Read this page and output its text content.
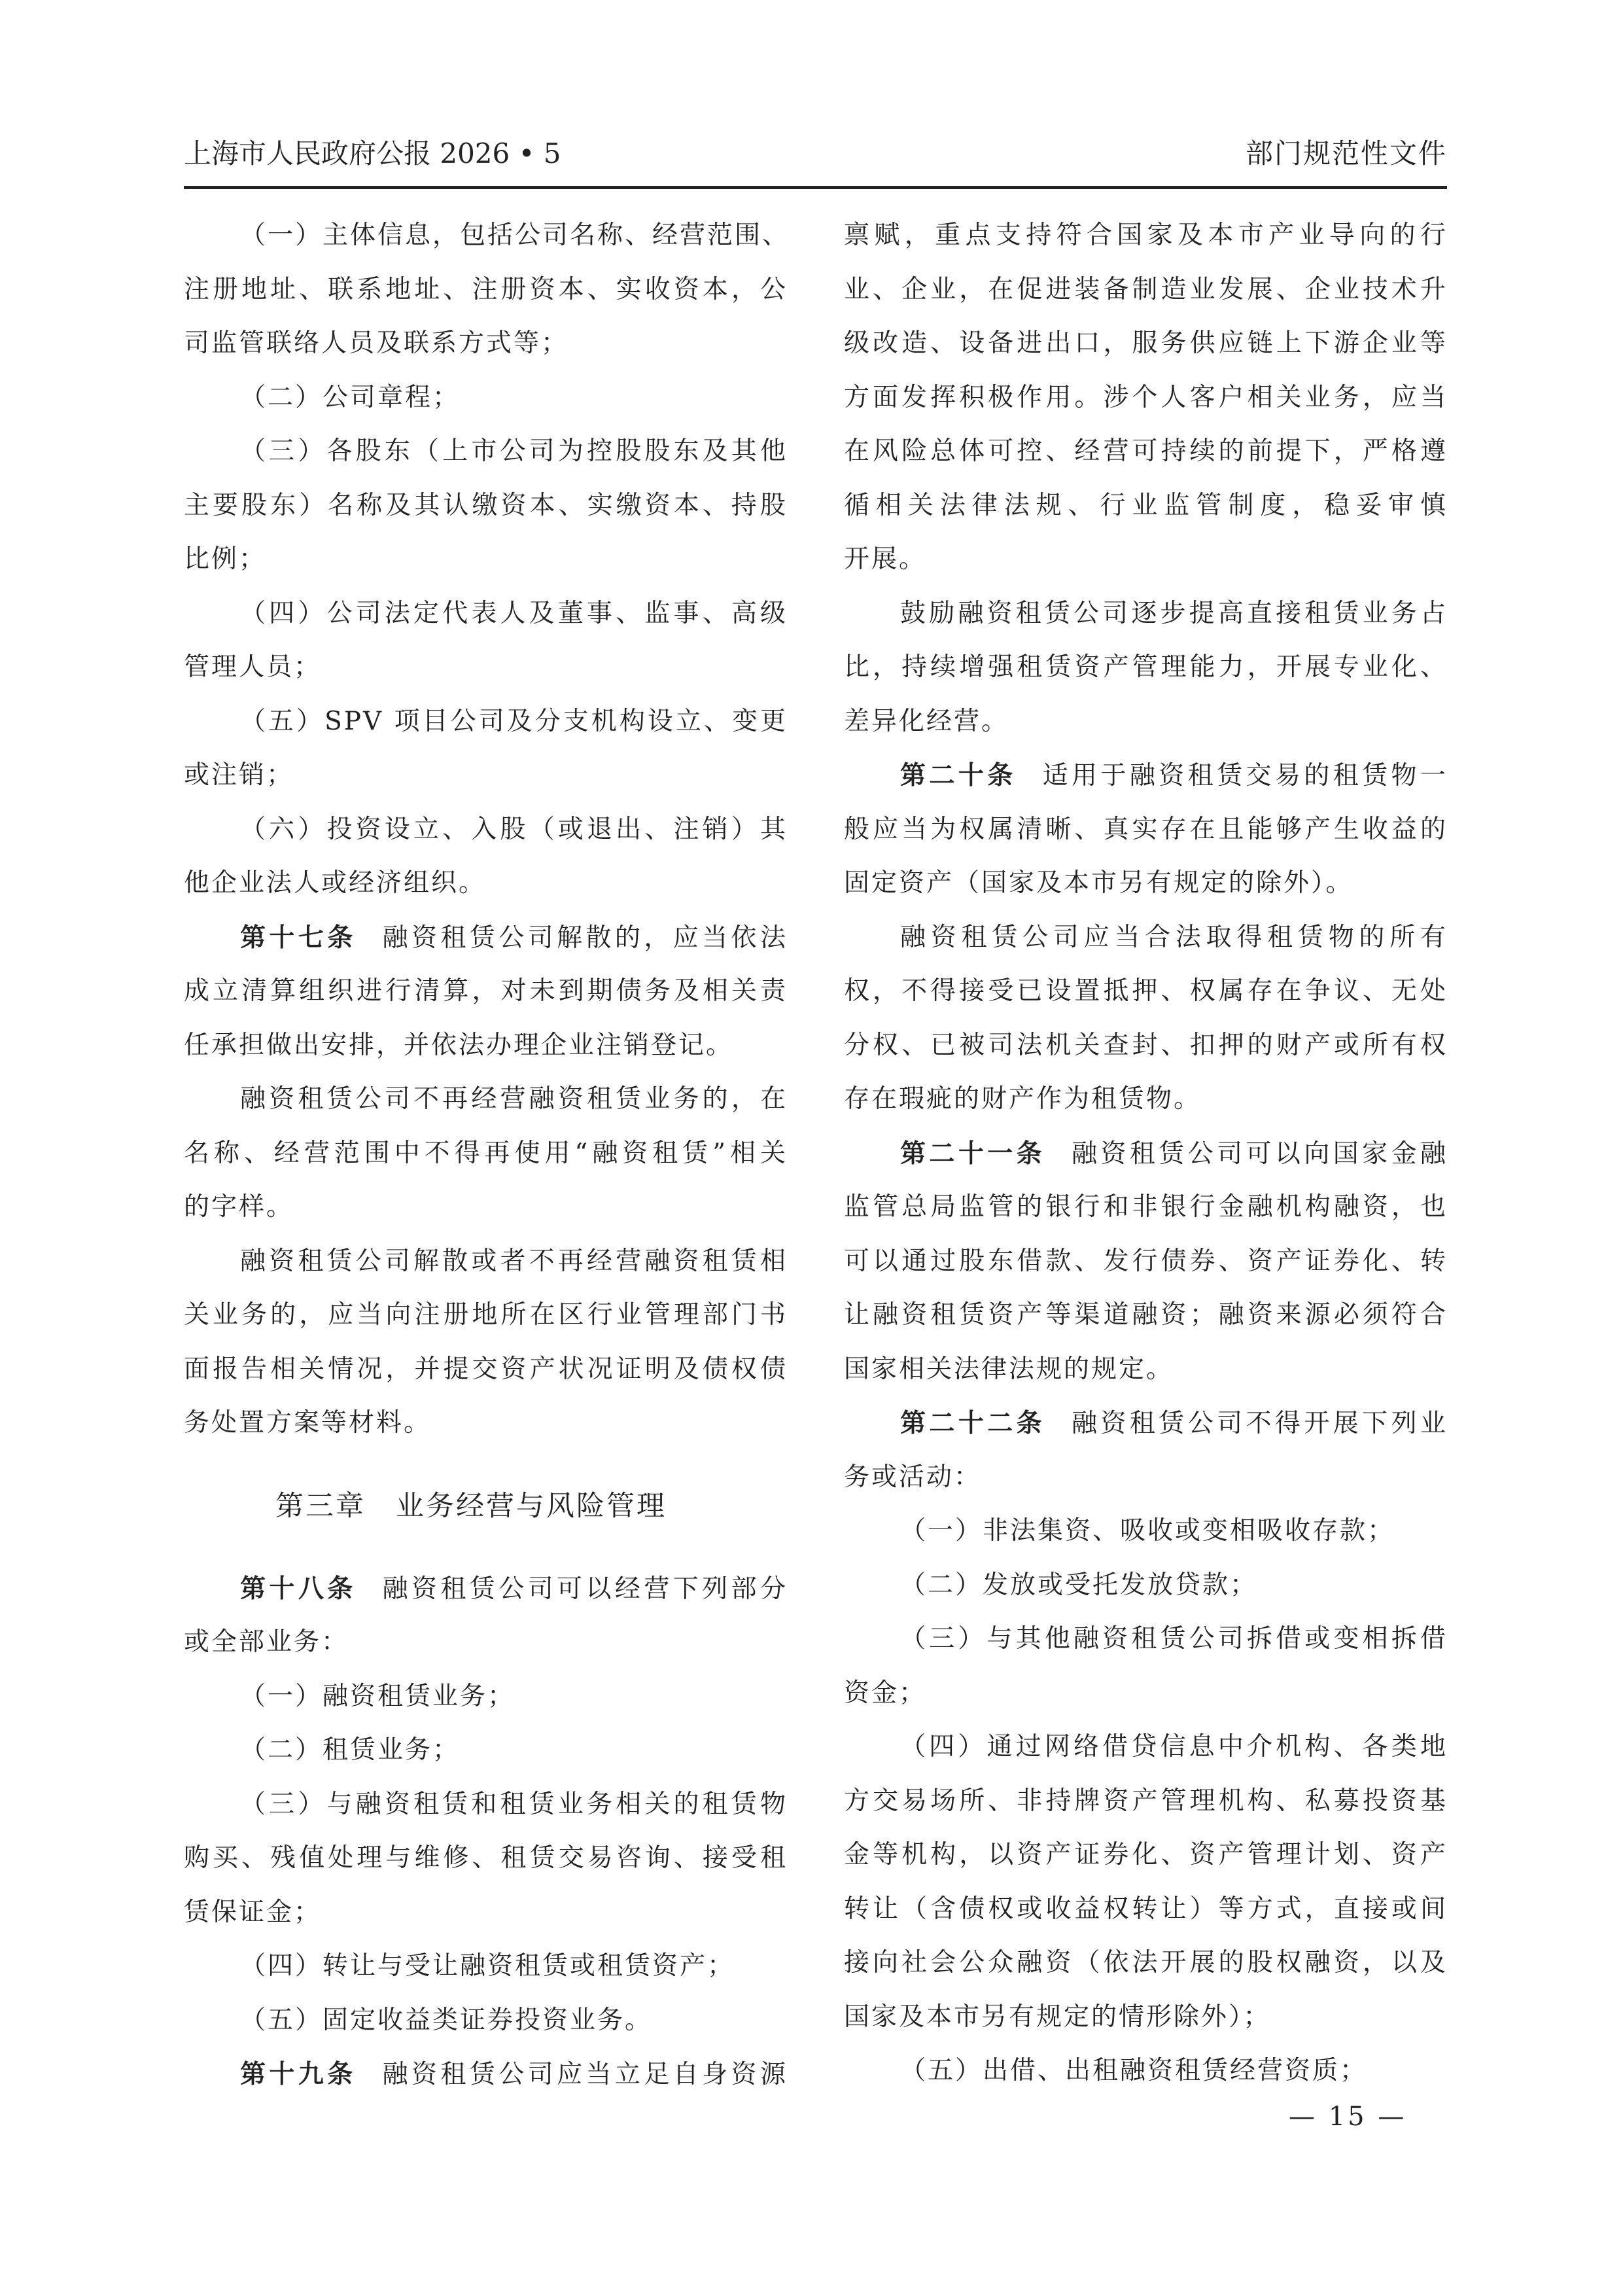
上海市人民政府公报 2026 • 5	部门规范性文件
（一）主体信息，包括公司名称、经营范围、
注册地址、联系地址、注册资本、实收资本，公
司监管联络人员及联系方式等；
（二）公司章程；
（三）各股东（上市公司为控股股东及其他
主要股东）名称及其认缴资本、实缴资本、持股
比例；
（四）公司法定代表人及董事、监事、高级
管理人员；
（五）SPV 项目公司及分支机构设立、变更
或注销；
（六）投资设立、入股（或退出、注销）其
他企业法人或经济组织。
第十七条 融资租赁公司解散的，应当依法
成立清算组织进行清算，对未到期债务及相关责
任承担做出安排，并依法办理企业注销登记。
融资租赁公司不再经营融资租赁业务的，在
名称、经营范围中不得再使用“融资租赁”相关
的字样。
融资租赁公司解散或者不再经营融资租赁相
关业务的，应当向注册地所在区行业管理部门书
面报告相关情况，并提交资产状况证明及债权债
务处置方案等材料。
第三章　业务经营与风险管理
第十八条 融资租赁公司可以经营下列部分
或全部业务：
（一）融资租赁业务；
（二）租赁业务；
（三）与融资租赁和租赁业务相关的租赁物
购买、残值处理与维修、租赁交易咨询、接受租
赁保证金；
（四）转让与受让融资租赁或租赁资产；
（五）固定收益类证券投资业务。
第十九条 融资租赁公司应当立足自身资源
禀赋，重点支持符合国家及本市产业导向的行
业、企业，在促进装备制造业发展、企业技术升
级改造、设备进出口，服务供应链上下游企业等
方面发挥积极作用。涉个人客户相关业务，应当
在风险总体可控、经营可持续的前提下，严格遵
循相关法律法规、行业监管制度，稳妥审慎
开展。
鼓励融资租赁公司逐步提高直接租赁业务占
比，持续增强租赁资产管理能力，开展专业化、
差异化经营。
第二十条 适用于融资租赁交易的租赁物一
般应当为权属清晰、真实存在且能够产生收益的
固定资产（国家及本市另有规定的除外）。
融资租赁公司应当合法取得租赁物的所有
权，不得接受已设置抵押、权属存在争议、无处
分权、已被司法机关查封、扣押的财产或所有权
存在瑕疵的财产作为租赁物。
第二十一条 融资租赁公司可以向国家金融
监管总局监管的银行和非银行金融机构融资，也
可以通过股东借款、发行债券、资产证券化、转
让融资租赁资产等渠道融资；融资来源必须符合
国家相关法律法规的规定。
第二十二条 融资租赁公司不得开展下列业
务或活动：
（一）非法集资、吸收或变相吸收存款；
（二）发放或受托发放贷款；
（三）与其他融资租赁公司拆借或变相拆借
资金；
（四）通过网络借贷信息中介机构、各类地
方交易场所、非持牌资产管理机构、私募投资基
金等机构，以资产证券化、资产管理计划、资产
转让（含债权或收益权转让）等方式，直接或间
接向社会公众融资（依法开展的股权融资，以及
国家及本市另有规定的情形除外）；
（五）出借、出租融资租赁经营资质；
— 15 —
